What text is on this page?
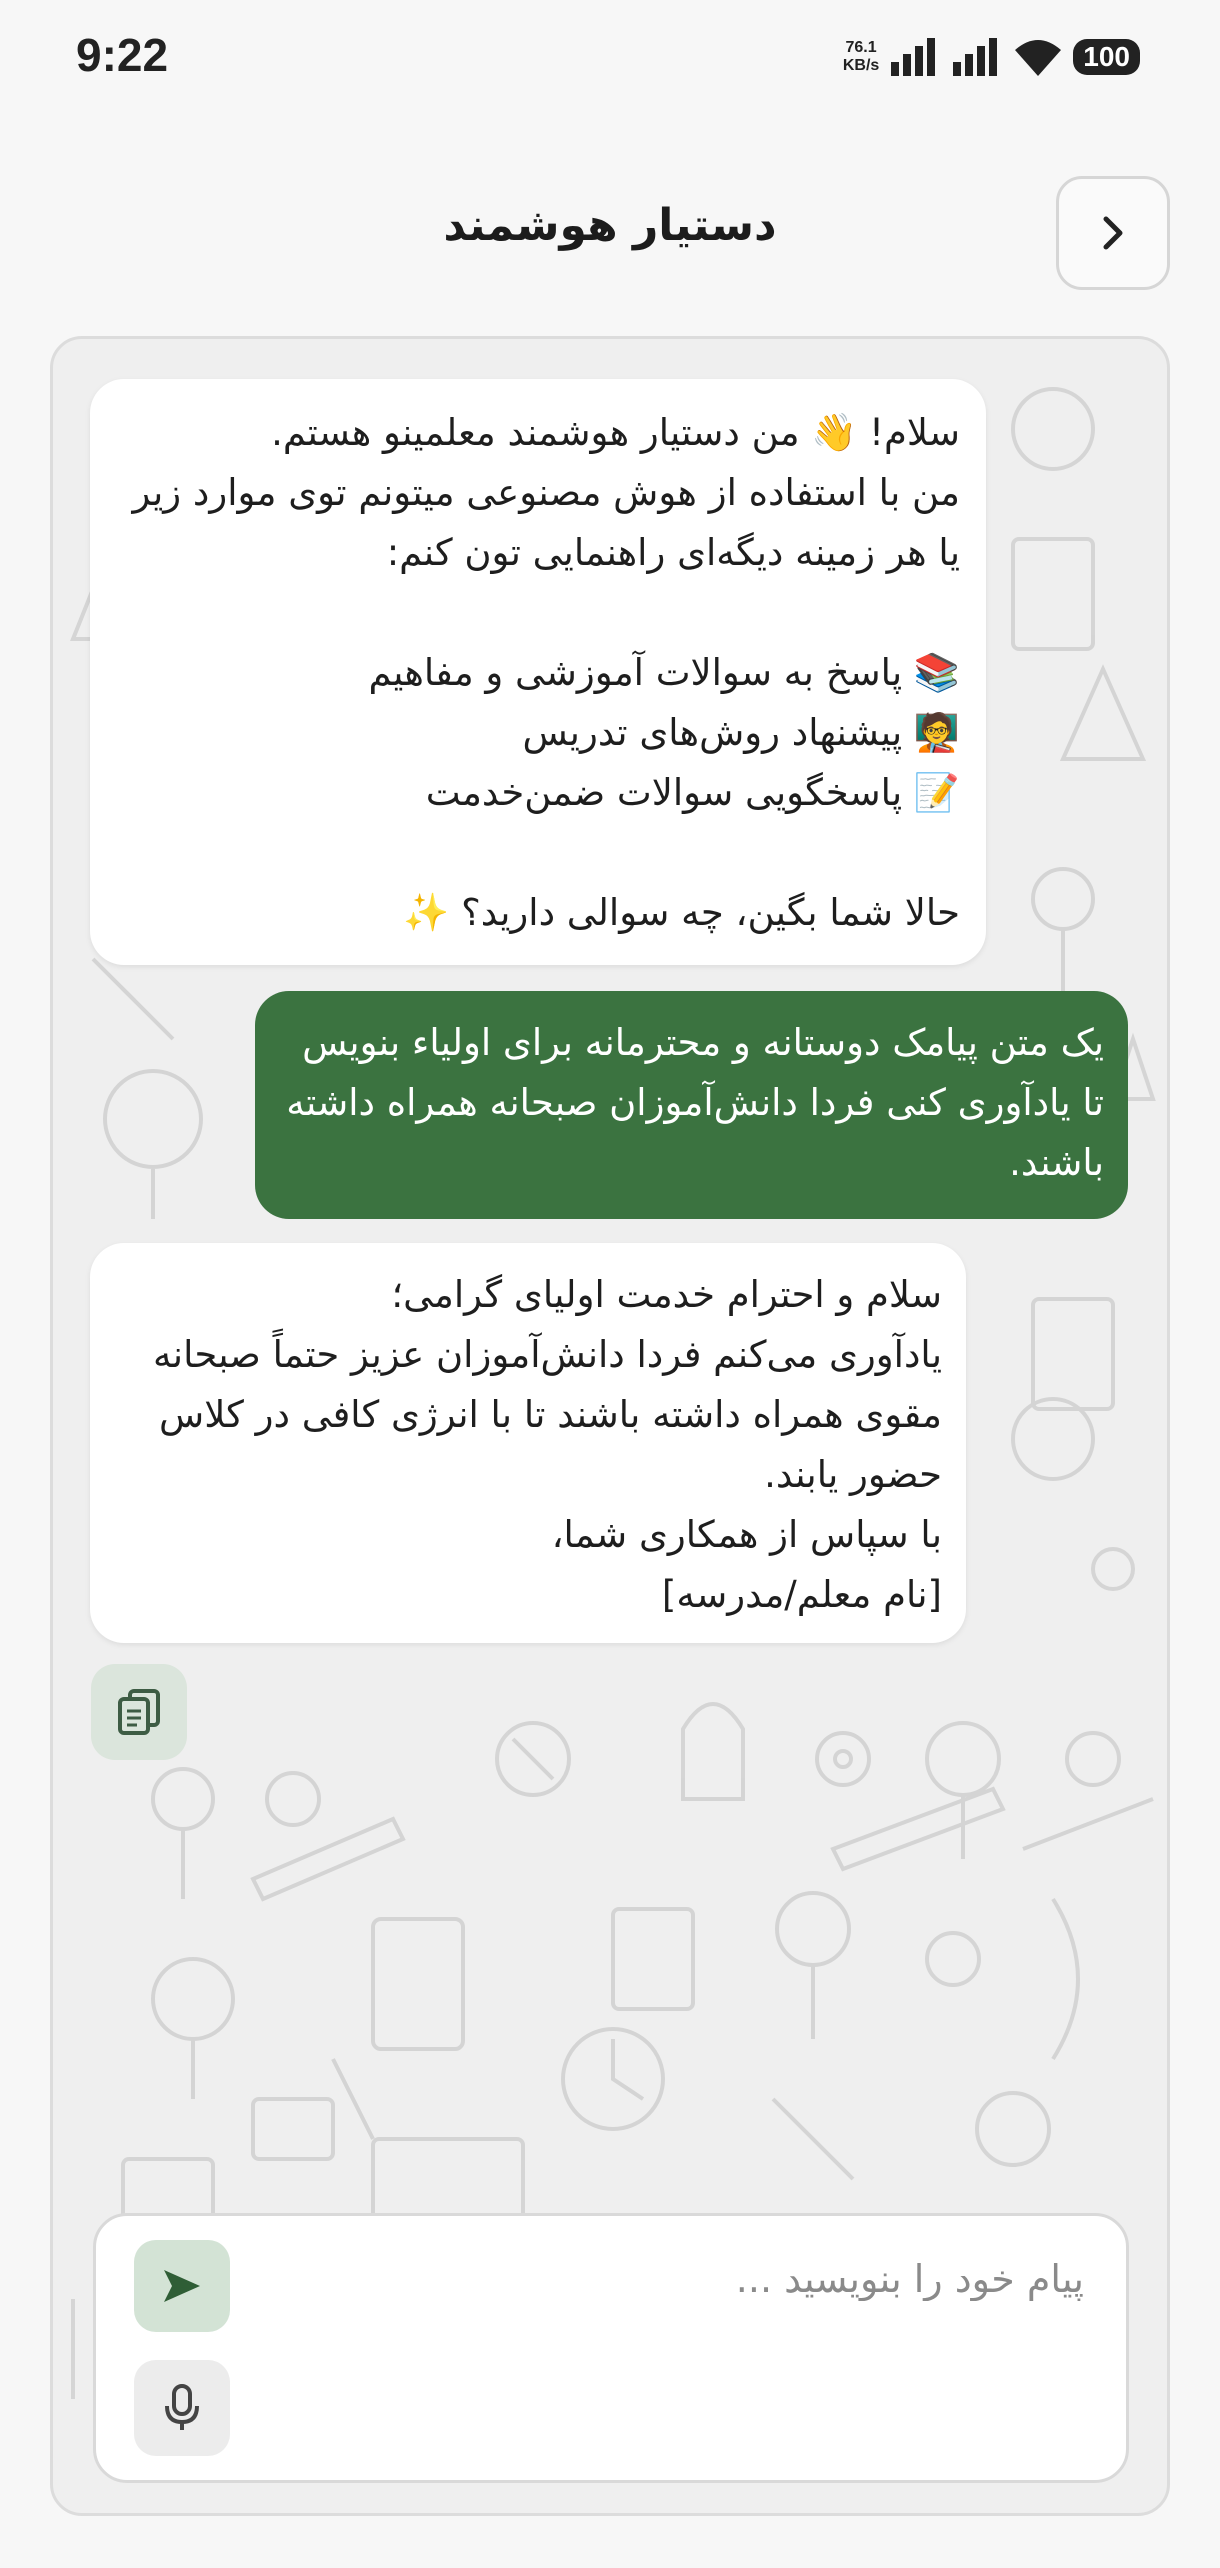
9:22	76.1
KB/s	100
دستیار هوشمند
سلام! 👋 من دستیار هوشمند معلمینو هستم.
من با استفاده از هوش مصنوعی میتونم توی موارد زیر یا هر زمینه دیگه‌ای راهنمایی تون کنم:

📚 پاسخ به سوالات آموزشی و مفاهیم
🧑‍🏫 پیشنهاد روش‌های تدریس
📝 پاسخگویی سوالات ضمن‌خدمت

حالا شما بگین، چه سوالی دارید؟ ✨
یک متن پیامک دوستانه و محترمانه برای اولیاء بنویس تا یادآوری کنی فردا دانش‌آموزان صبحانه همراه داشته باشند.
سلام و احترام خدمت اولیای گرامی؛
یادآوری می‌کنم فردا دانش‌آموزان عزیز حتماً صبحانه مقوی همراه داشته باشند تا با انرژی کافی در کلاس حضور یابند.
با سپاس از همکاری شما،
[نام معلم/مدرسه]
پیام خود را بنویسید ...
